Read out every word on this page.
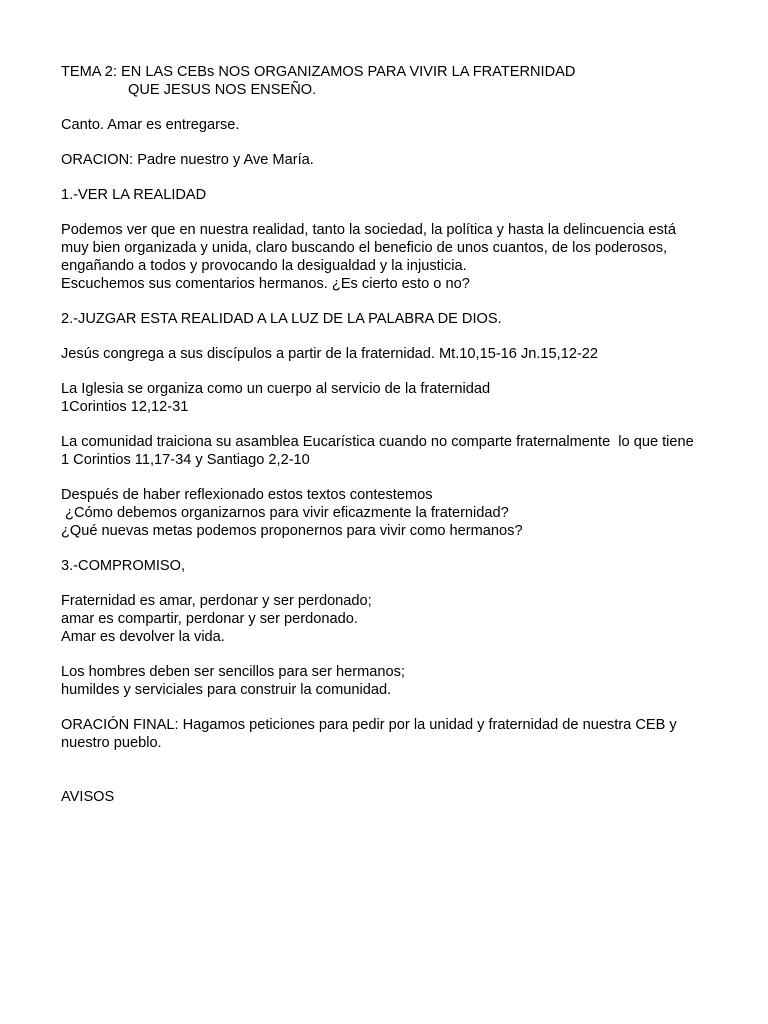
TEMA 2: EN LAS CEBs NOS ORGANIZAMOS PARA VIVIR LA FRATERNIDAD
QUE JESUS NOS ENSEÑO.
Canto. Amar es entregarse.
ORACION: Padre nuestro y Ave María.
1.-VER LA REALIDAD
Podemos ver que en nuestra realidad, tanto la sociedad, la política y hasta la delincuencia está
muy bien organizada y unida, claro buscando el beneficio de unos cuantos, de los poderosos,
engañando a todos y provocando la desigualdad y la injusticia.
Escuchemos sus comentarios hermanos. ¿Es cierto esto o no?
2.-JUZGAR ESTA REALIDAD A LA LUZ DE LA PALABRA DE DIOS.
Jesús congrega a sus discípulos a partir de la fraternidad. Mt.10,15-16 Jn.15,12-22
La Iglesia se organiza como un cuerpo al servicio de la fraternidad
1Corintios 12,12-31
La comunidad traiciona su asamblea Eucarística cuando no comparte fraternalmente  lo que tiene
1 Corintios 11,17-34 y Santiago 2,2-10
Después de haber reflexionado estos textos contestemos
¿Cómo debemos organizarnos para vivir eficazmente la fraternidad?
¿Qué nuevas metas podemos proponernos para vivir como hermanos?
3.-COMPROMISO,
Fraternidad es amar, perdonar y ser perdonado;
amar es compartir, perdonar y ser perdonado.
Amar es devolver la vida.
Los hombres deben ser sencillos para ser hermanos;
humildes y serviciales para construir la comunidad.
ORACIÓN FINAL: Hagamos peticiones para pedir por la unidad y fraternidad de nuestra CEB y
nuestro pueblo.
AVISOS
